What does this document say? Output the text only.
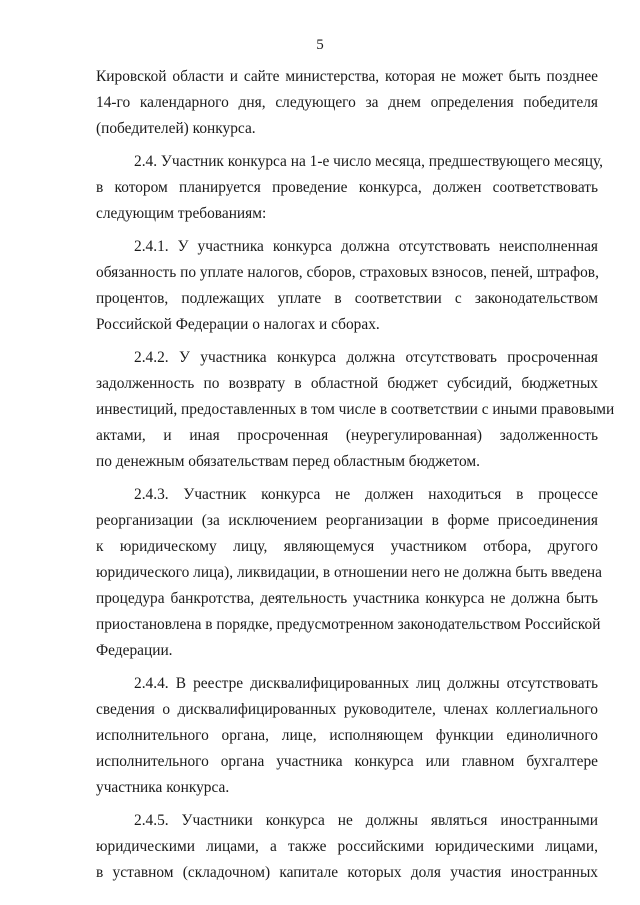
5
Кировской области и сайте министерства, которая не может быть позднее
14-го календарного дня, следующего за днем определения победителя
(победителей) конкурса.
2.4. Участник конкурса на 1-е число месяца, предшествующего месяцу,
в котором планируется проведение конкурса, должен соответствовать
следующим требованиям:
2.4.1. У участника конкурса должна отсутствовать неисполненная
обязанность по уплате налогов, сборов, страховых взносов, пеней, штрафов,
процентов, подлежащих уплате в соответствии с законодательством
Российской Федерации о налогах и сборах.
2.4.2. У участника конкурса должна отсутствовать просроченная
задолженность по возврату в областной бюджет субсидий, бюджетных
инвестиций, предоставленных в том числе в соответствии с иными правовыми
актами, и иная просроченная (неурегулированная) задолженность
по денежным обязательствам перед областным бюджетом.
2.4.3. Участник конкурса не должен находиться в процессе
реорганизации (за исключением реорганизации в форме присоединения
к юридическому лицу, являющемуся участником отбора, другого
юридического лица), ликвидации, в отношении него не должна быть введена
процедура банкротства, деятельность участника конкурса не должна быть
приостановлена в порядке, предусмотренном законодательством Российской
Федерации.
2.4.4. В реестре дисквалифицированных лиц должны отсутствовать
сведения о дисквалифицированных руководителе, членах коллегиального
исполнительного органа, лице, исполняющем функции единоличного
исполнительного органа участника конкурса или главном бухгалтере
участника конкурса.
2.4.5. Участники конкурса не должны являться иностранными
юридическими лицами, а также российскими юридическими лицами,
в уставном (складочном) капитале которых доля участия иностранных
